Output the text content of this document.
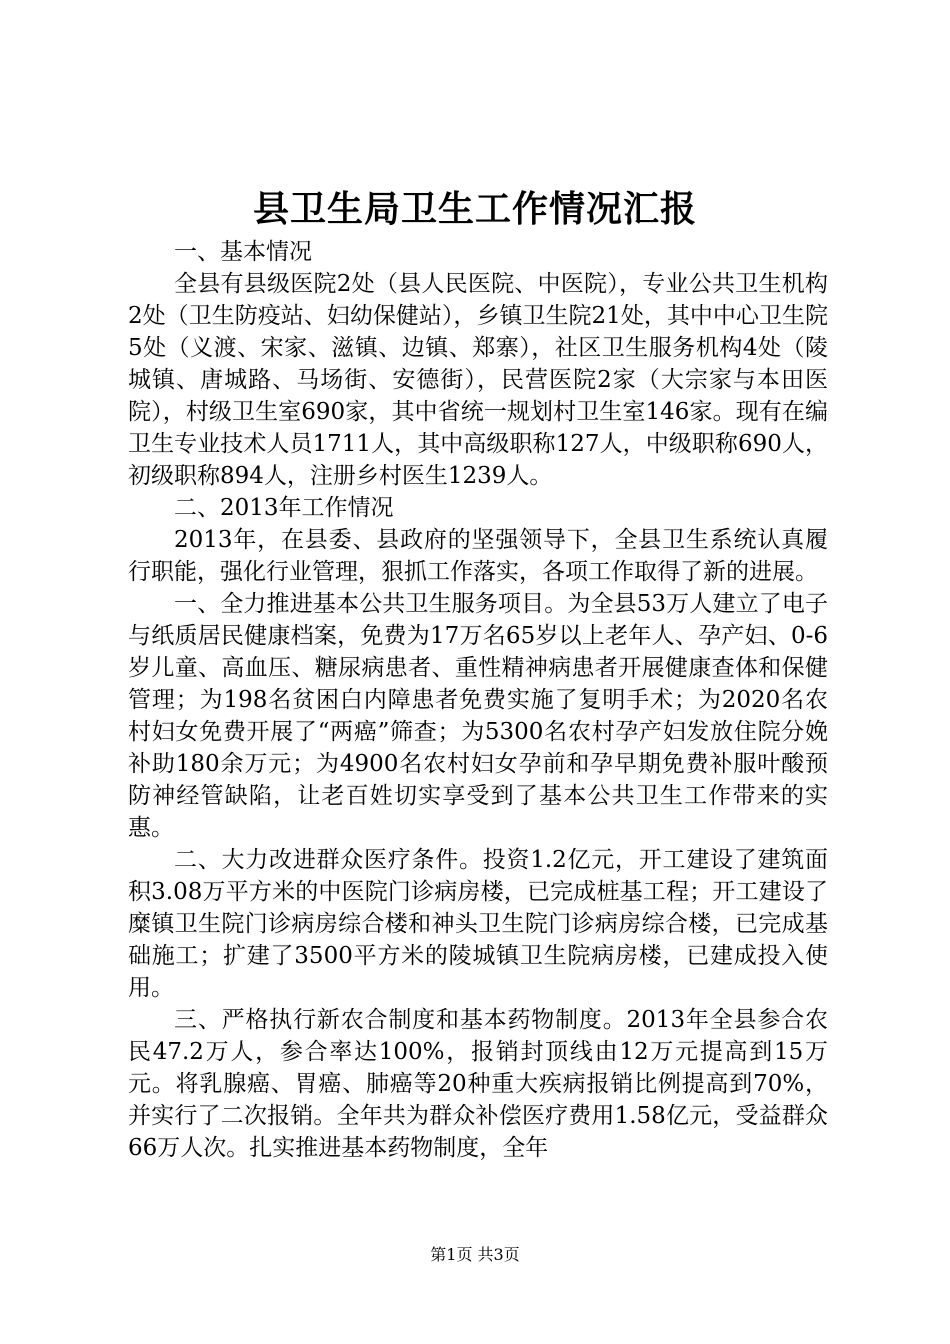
县卫生局卫生工作情况汇报

一、基本情况

全县有县级医院2处（县人民医院、中医院），专业公共卫生机构2处（卫生防疫站、妇幼保健站），乡镇卫生院21处，其中中心卫生院5处（义渡、宋家、滋镇、边镇、郑寨），社区卫生服务机构4处（陵城镇、唐城路、马场街、安德街），民营医院2家（大宗家与本田医院），村级卫生室690家，其中省统一规划村卫生室146家。现有在编卫生专业技术人员1711人，其中高级职称127人，中级职称690人，初级职称894人，注册乡村医生1239人。

二、2013年工作情况

2013年，在县委、县政府的坚强领导下，全县卫生系统认真履行职能，强化行业管理，狠抓工作落实，各项工作取得了新的进展。

一、全力推进基本公共卫生服务项目。为全县53万人建立了电子与纸质居民健康档案，免费为17万名65岁以上老年人、孕产妇、0-6岁儿童、高血压、糖尿病患者、重性精神病患者开展健康查体和保健管理；为198名贫困白内障患者免费实施了复明手术；为2020名农村妇女免费开展了“两癌”筛查；为5300名农村孕产妇发放住院分娩补助180余万元；为4900名农村妇女孕前和孕早期免费补服叶酸预防神经管缺陷，让老百姓切实享受到了基本公共卫生工作带来的实惠。

二、大力改进群众医疗条件。投资1.2亿元，开工建设了建筑面积3.08万平方米的中医院门诊病房楼，已完成桩基工程；开工建设了糜镇卫生院门诊病房综合楼和神头卫生院门诊病房综合楼，已完成基础施工；扩建了3500平方米的陵城镇卫生院病房楼，已建成投入使用。

三、严格执行新农合制度和基本药物制度。2013年全县参合农民47.2万人，参合率达100%，报销封顶线由12万元提高到15万元。将乳腺癌、胃癌、肺癌等20种重大疾病报销比例提高到70%，并实行了二次报销。全年共为群众补偿医疗费用1.58亿元，受益群众66万人次。扎实推进基本药物制度，全年

第1页 共3页
